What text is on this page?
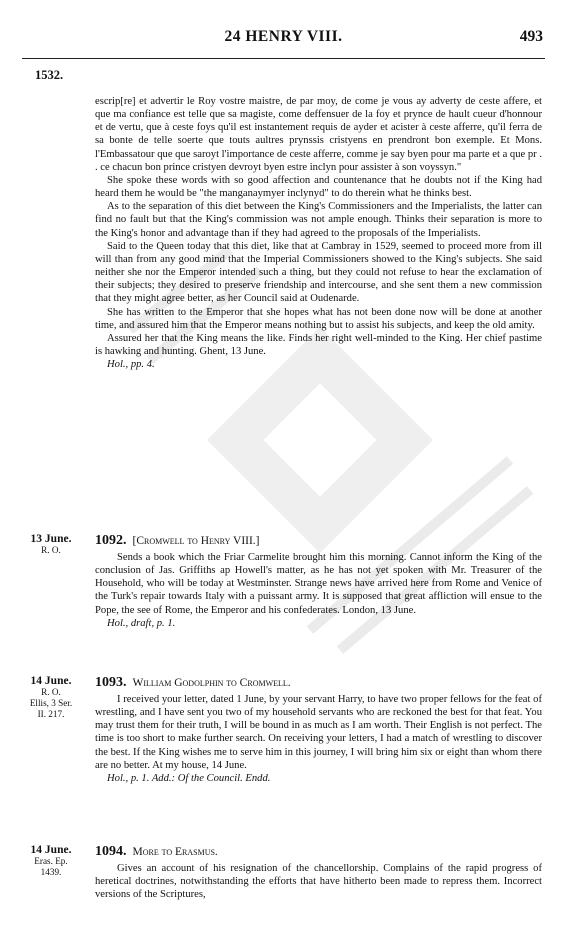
24 HENRY VIII.	493
1532.

escrip[re] et advertir le Roy vostre maistre, de par moy, de come je vous ay adverty de ceste affere, et que ma confiance est telle que sa magiste, come deffensuer de la foy et prynce de hault cueur d'honnour et de vertu, que à ceste foys qu'il est instantement requis de ayder et acister à ceste afferre, qu'il ferra de sa bonte de telle soerte que touts aultres prynssis cristyens en prendront bon exemple. Et Mons. l'Embassatour que que saroyt l'importance de ceste afferre, comme je say byen pour ma parte et a que pr . . ce chacun bon prince cristyen devroyt byen estre inclyn pour assister à son voyssyn."

She spoke these words with so good affection and countenance that he doubts not if the King had heard them he would be "the manganaymyer inclynyd" to do therein what he thinks best.

As to the separation of this diet between the King's Commissioners and the Imperialists, the latter can find no fault but that the King's commission was not ample enough. Thinks their separation is more to the King's honor and advantage than if they had agreed to the proposals of the Imperialists.

Said to the Queen today that this diet, like that at Cambray in 1529, seemed to proceed more from ill will than from any good mind that the Imperial Commissioners showed to the King's subjects. She said neither she nor the Emperor intended such a thing, but they could not refuse to hear the exclamation of their subjects; they desired to preserve friendship and intercourse, and she sent them a new commission that they might agree better, as her Council said at Oudenarde.

She has written to the Emperor that she hopes what has not been done now will be done at another time, and assured him that the Emperor means nothing but to assist his subjects, and keep the old amity.

Assured her that the King means the like. Finds her right well-minded to the King. Her chief pastime is hawking and hunting. Ghent, 13 June.

Hol., pp. 4.

13 June.
R. O.
1092. [Cromwell to Henry VIII.]

Sends a book which the Friar Carmelite brought him this morning. Cannot inform the King of the conclusion of Jas. Griffiths ap Howell's matter, as he has not yet spoken with Mr. Treasurer of the Household, who will be today at Westminster. Strange news have arrived here from Rome and Venice of the Turk's repair towards Italy with a puissant army. It is supposed that great affliction will ensue to the Pope, the see of Rome, the Emperor and his confederates. London, 13 June.

Hol., draft, p. 1.

14 June.
R. O.
Ellis, 3 Ser.
II. 217.
1093. William Godolphin to Cromwell.

I received your letter, dated 1 June, by your servant Harry, to have two proper fellows for the feat of wrestling, and I have sent you two of my household servants who are reckoned the best for that feat. You may trust them for their truth, I will be bound in as much as I am worth. Their English is not perfect. The time is too short to make further search. On receiving your letters, I had a match of wrestling to discover the best. If the King wishes me to serve him in this journey, I will bring him six or eight than whom there are no better. At my house, 14 June.

Hol., p. 1. Add.: Of the Council. Endd.

14 June.
Eras. Ep.
1439.
1094. More to Erasmus.

Gives an account of his resignation of the chancellorship. Complains of the rapid progress of heretical doctrines, notwithstanding the efforts that have hitherto been made to repress them. Incorrect versions of the Scriptures,
